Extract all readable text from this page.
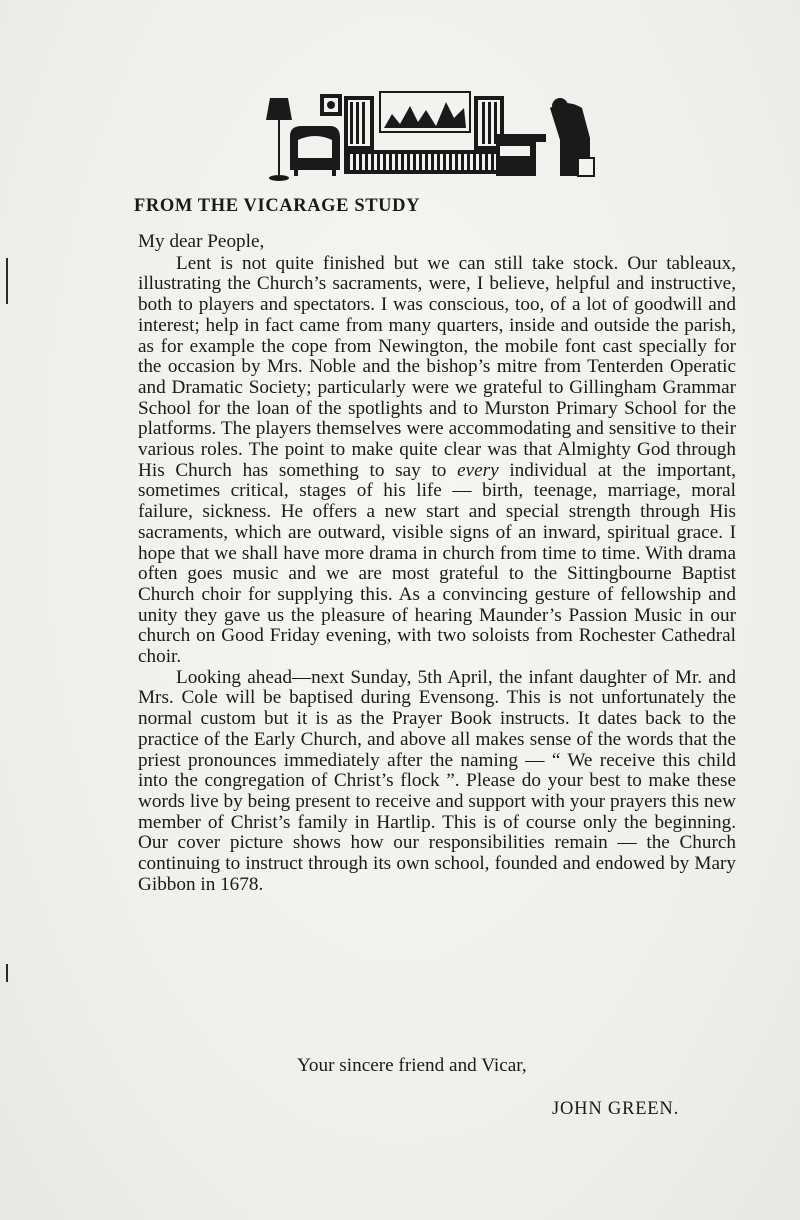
FROM THE VICARAGE STUDY

My dear People,

Lent is not quite finished but we can still take stock. Our tableaux, illustrating the Church’s sacraments, were, I believe, helpful and instructive, both to players and spectators. I was conscious, too, of a lot of goodwill and interest; help in fact came from many quarters, inside and outside the parish, as for example the cope from Newington, the mobile font cast specially for the occasion by Mrs. Noble and the bishop’s mitre from Tenterden Operatic and Dramatic Society; particularly were we grateful to Gillingham Grammar School for the loan of the spotlights and to Murston Primary School for the platforms. The players themselves were accommodating and sensitive to their various roles. The point to make quite clear was that Almighty God through His Church has something to say to every individual at the important, sometimes critical, stages of his life — birth, teenage, marriage, moral failure, sickness. He offers a new start and special strength through His sacraments, which are outward, visible signs of an inward, spiritual grace. I hope that we shall have more drama in church from time to time. With drama often goes music and we are most grateful to the Sittingbourne Baptist Church choir for supplying this. As a convincing gesture of fellowship and unity they gave us the pleasure of hearing Maunder’s Passion Music in our church on Good Friday evening, with two soloists from Rochester Cathedral choir.

Looking ahead—next Sunday, 5th April, the infant daughter of Mr. and Mrs. Cole will be baptised during Evensong. This is not unfortunately the normal custom but it is as the Prayer Book instructs. It dates back to the practice of the Early Church, and above all makes sense of the words that the priest pronounces immediately after the naming — “ We receive this child into the congregation of Christ’s flock ”. Please do your best to make these words live by being present to receive and support with your prayers this new member of Christ’s family in Hartlip. This is of course only the beginning. Our cover picture shows how our responsibilities remain — the Church continuing to instruct through its own school, founded and endowed by Mary Gibbon in 1678.

Your sincere friend and Vicar,

JOHN GREEN.
